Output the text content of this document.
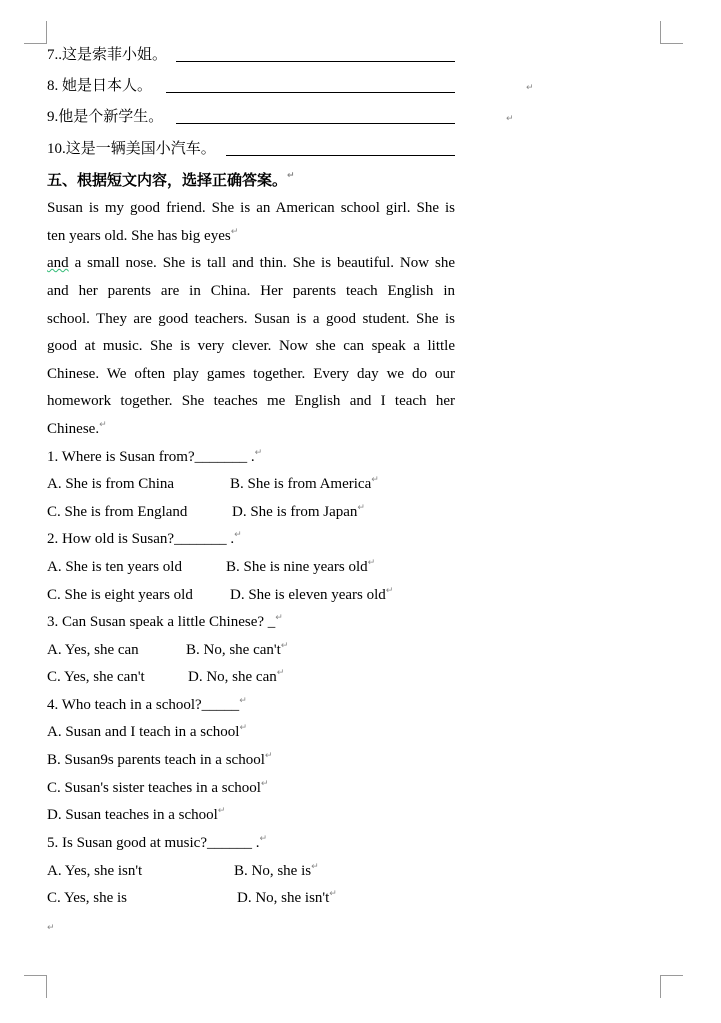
7..这是索菲小姐。
8. 她是日本人。	↵
9.他是个新学生。	↵
10.这是一辆美国小汽车。
五、根据短文内容，选择正确答案。 ↵
Susan is my good friend. She is an American school girl. She is
ten years old. She has big eyes ↵
and a small nose. She is tall and thin. She is beautiful. Now she
and her parents are in China. Her parents teach English in
school. They are good teachers. Susan is a good student. She is
good at music. She is very clever. Now she can speak a little
Chinese. We often play games together. Every day we do our
homework together. She teaches me English and I teach her
Chinese. ↵
1. Where is Susan from?_______ . ↵
A. She is from China	B. She is from America ↵
C. She is from England	D. She is from Japan ↵
2. How old is Susan?_______ . ↵
A. She is ten years old	B. She is nine years old ↵
C. She is eight years old D. She is eleven years old ↵
3. Can Susan speak a little Chinese? _ ↵
A. Yes, she can	B. No, she can't ↵
C. Yes, she can't	D. No, she can ↵
4. Who teach in a school?_____ ↵
A. Susan and I teach in a school ↵
B. Susan9s parents teach in a school ↵
C. Susan's sister teaches in a school ↵
D. Susan teaches in a school ↵
5. Is Susan good at music?______ . ↵
A. Yes, she isn't	B. No, she is ↵
C. Yes, she is	D. No, she isn't ↵
↵
